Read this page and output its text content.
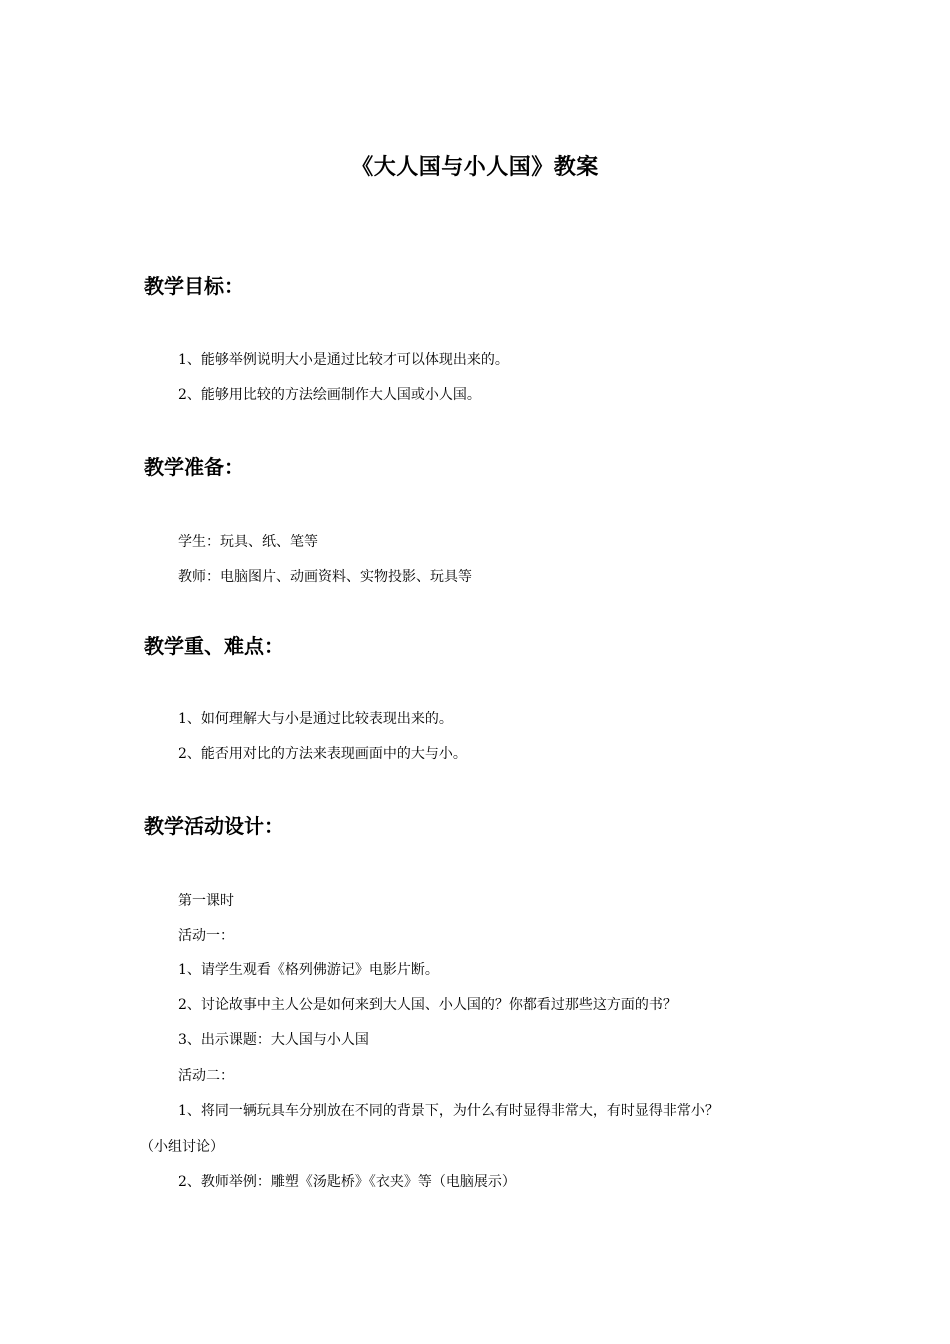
《大人国与小人国》教案
教学目标：
1、能够举例说明大小是通过比较才可以体现出来的。
2、能够用比较的方法绘画制作大人国或小人国。
教学准备：
学生：玩具、纸、笔等
教师：电脑图片、动画资料、实物投影、玩具等
教学重、难点：
1、如何理解大与小是通过比较表现出来的。
2、能否用对比的方法来表现画面中的大与小。
教学活动设计：
第一课时
活动一：
1、请学生观看《格列佛游记》电影片断。
2、讨论故事中主人公是如何来到大人国、小人国的？你都看过那些这方面的书？
3、出示课题：大人国与小人国
活动二：
1、将同一辆玩具车分别放在不同的背景下，为什么有时显得非常大，有时显得非常小？
（小组讨论）
2、教师举例：雕塑《汤匙桥》《衣夹》等（电脑展示）
